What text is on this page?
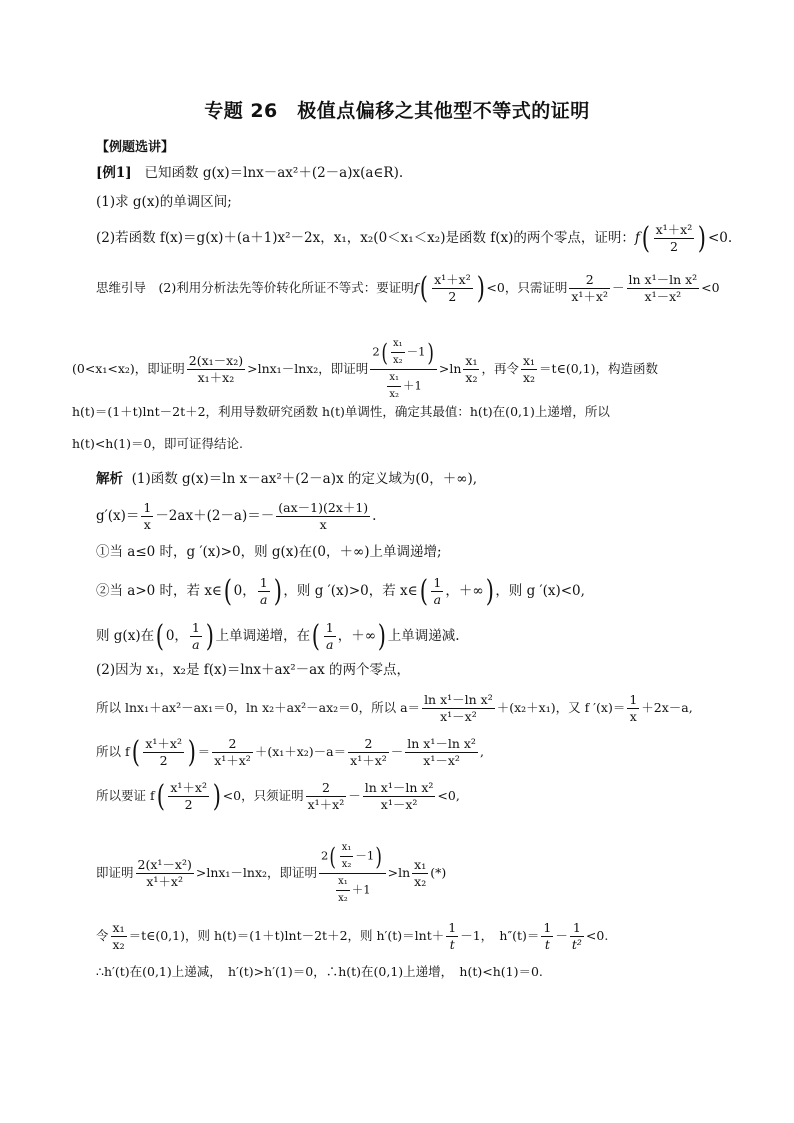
专题 26　极值点偏移之其他型不等式的证明
【例题选讲】
[例1] 已知函数 g(x)＝lnx－ax²＋(2－a)x(a∈R).
(1)求 g(x)的单调区间;
(2)若函数 f(x)＝g(x)＋(a＋1)x²－2x，x₁，x₂(0＜x₁＜x₂)是函数 f(x)的两个零点，证明：$f( \frac{\text{x¹＋x²}}{2}$ ) <0.
思维引导　(2)利用分析法先等价转化所证不等式：要证明$f( \frac{\text{x¹＋x²}}{2}$ ) <0，只需证明 $\frac{2}{\text{x¹＋x²}} - \frac{\text{ln x¹－ln x²}}{\text{x¹－x²}} <0$
(0<x₁<x₂)，即证明 $\frac{\text{2(x₁－x₂)}}{\text{x₁＋x₂}} >\ln x_1-\ln x_2$，即证明 $\frac{2( \frac{\text{x₁}}{\text{x₂}} -1)}{\frac{\text{x₁}}{\text{x₂}} +1} >\ln \frac{\text{x₁}}{\text{x₂}}$ ，再令 $\frac{\text{x₁}}{\text{x₂}}$ ＝t∈(0,1)，构造函数
h(t)＝(1＋t)lnt－2t＋2，利用导数研究函数 h(t)单调性，确定其最值：h(t)在(0,1)上递增，所以
h(t)<h(1)＝0，即可证得结论.
解析 (1)函数 g(x)＝ln x－ax²＋(2－a)x 的定义域为(0，＋∞),
$g'(x)= \frac{1}{x} -2ax+(2-a)=- \frac{(ax-1)(2x+1)}{x}$ .
①当 a≤0 时，g ′(x)>0，则 g(x)在(0，＋∞)上单调递增;
②当 a>0 时，若 x∈( 0， $\frac{1}{a}$ ) ，则 g ′(x)>0，若 x∈( $\frac{1}{a}$ ，＋∞) ，则 g ′(x)<0,
则 g(x)在( 0， $\frac{1}{a}$ ) 上单调递增，在( $\frac{1}{a}$ ，＋∞) 上单调递减.
(2)因为 x₁，x₂是 f(x)＝lnx＋ax²－ax 的两个零点，
所以 lnx₁＋ax²－ax₁＝0，ln x₂＋ax²－ax₂＝0，所以 $a= \frac{\text{ln x¹－ln x²}}{\text{x¹－x²}} +(x_2+x_1)$，又 f $'(x)= \frac{1}{x} +2x-a$,
所以 $f( \frac{\text{x¹＋x²}}{2}$ ) ＝ $\frac{2}{\text{x¹＋x²}} +(x_1+x_2)-a= \frac{2}{\text{x¹＋x²}} - \frac{\text{ln x¹－ln x²}}{\text{x¹－x²}}$ ,
所以要证 $f( \frac{\text{x¹＋x²}}{2}$ ) <0，只须证明 $\frac{2}{\text{x¹＋x²}} - \frac{\text{ln x¹－ln x²}}{\text{x¹－x²}} <0$,
即证明 $\frac{\text{2(x¹－x²)}}{\text{x¹＋x²}} >\ln x_1-\ln x_2$，即证明 $\frac{2( \frac{\text{x₁}}{\text{x₂}} -1)}{\frac{\text{x₁}}{\text{x₂}} +1} >\ln \frac{\text{x₁}}{\text{x₂}}$ (*)
令 $\frac{\text{x₁}}{\text{x₂}}$ ＝t∈(0,1)，则 h(t)＝(1＋t)lnt－2t＋2，则 $h'(t)=\ln t+ \frac{1}{t} -1$，　$h''(t)= \frac{1}{t} - \frac{1}{\text{t²}} <0$.
∴h′(t)在(0,1)上递减，　h′(t)>h′(1)＝0，∴h(t)在(0,1)上递增，　h(t)<h(1)＝0.
